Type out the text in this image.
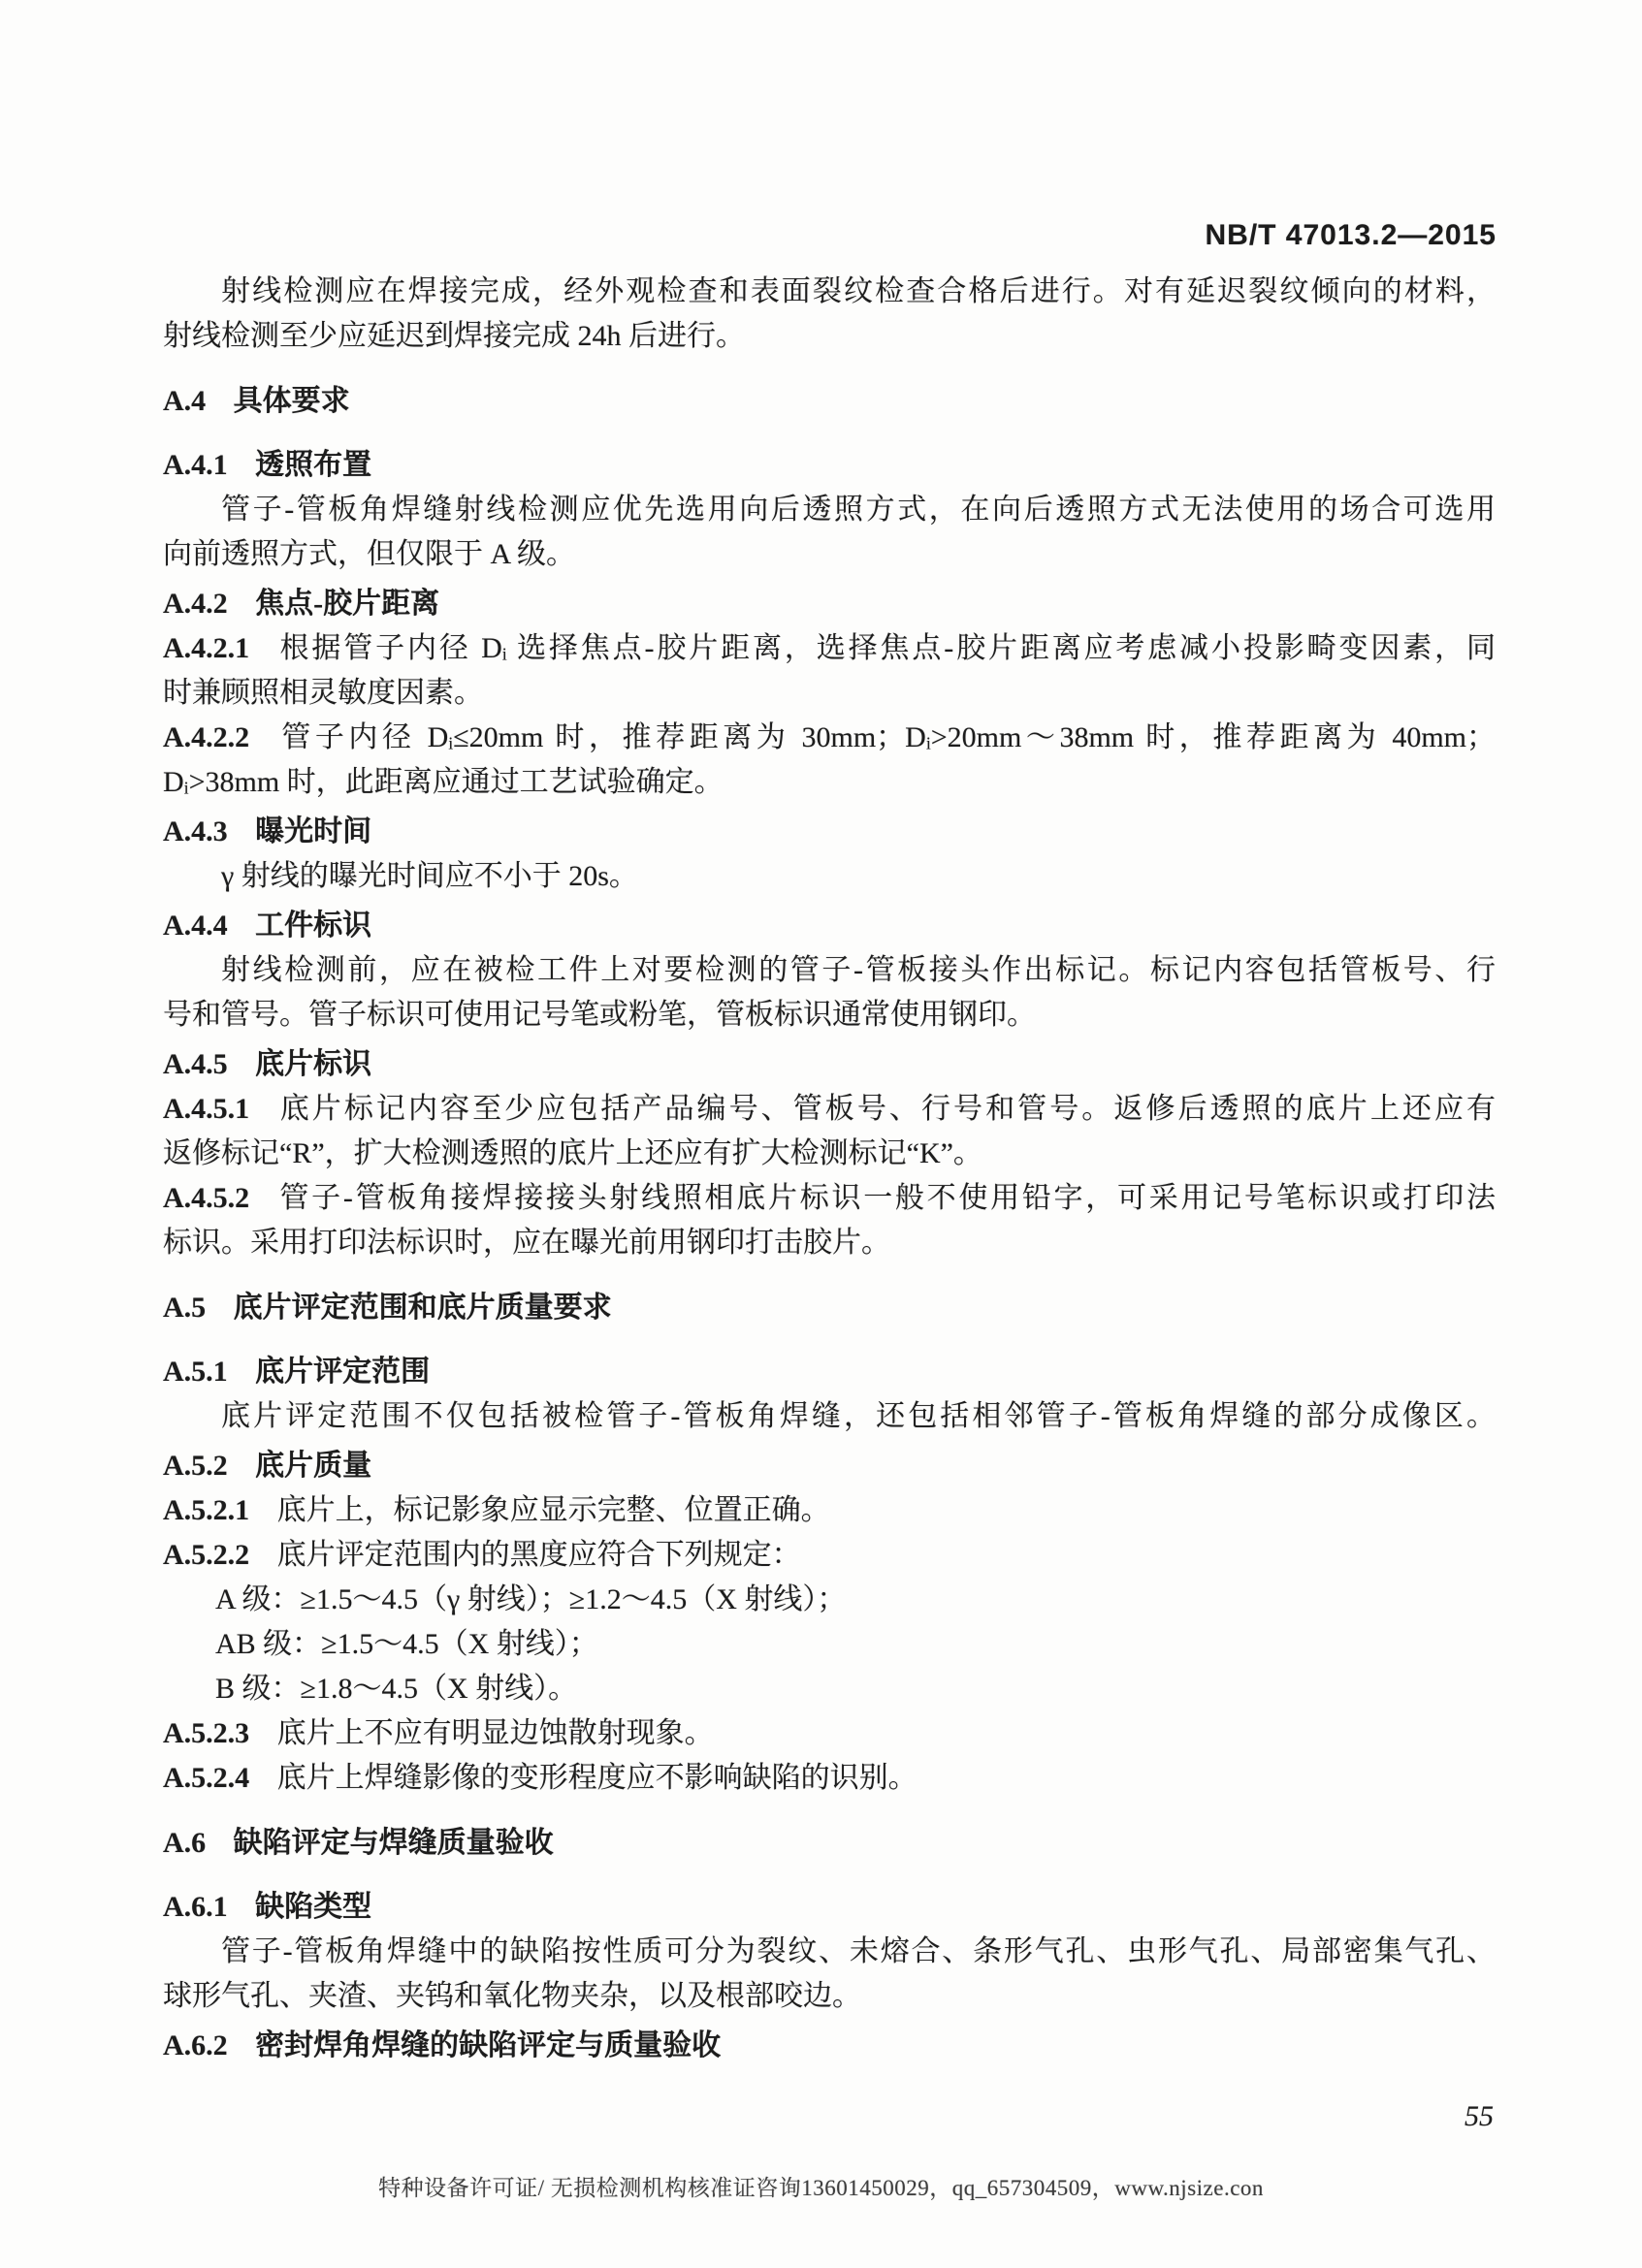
NB/T 47013.2—2015
射线检测应在焊接完成，经外观检查和表面裂纹检查合格后进行。对有延迟裂纹倾向的材料，
射线检测至少应延迟到焊接完成 24h 后进行。
A.4 具体要求
A.4.1 透照布置
管子-管板角焊缝射线检测应优先选用向后透照方式，在向后透照方式无法使用的场合可选用
向前透照方式，但仅限于 A 级。
A.4.2 焦点-胶片距离
A.4.2.1 根据管子内径 Dᵢ 选择焦点-胶片距离，选择焦点-胶片距离应考虑减小投影畸变因素，同
时兼顾照相灵敏度因素。
A.4.2.2 管子内径 Dᵢ≤20mm 时，推荐距离为 30mm；Dᵢ>20mm～38mm 时，推荐距离为 40mm；
Dᵢ>38mm 时，此距离应通过工艺试验确定。
A.4.3 曝光时间
γ 射线的曝光时间应不小于 20s。
A.4.4 工件标识
射线检测前，应在被检工件上对要检测的管子-管板接头作出标记。标记内容包括管板号、行
号和管号。管子标识可使用记号笔或粉笔，管板标识通常使用钢印。
A.4.5 底片标识
A.4.5.1 底片标记内容至少应包括产品编号、管板号、行号和管号。返修后透照的底片上还应有
返修标记“R”，扩大检测透照的底片上还应有扩大检测标记“K”。
A.4.5.2 管子-管板角接焊接接头射线照相底片标识一般不使用铅字，可采用记号笔标识或打印法
标识。采用打印法标识时，应在曝光前用钢印打击胶片。
A.5 底片评定范围和底片质量要求
A.5.1 底片评定范围
底片评定范围不仅包括被检管子-管板角焊缝，还包括相邻管子-管板角焊缝的部分成像区。
A.5.2 底片质量
A.5.2.1 底片上，标记影象应显示完整、位置正确。
A.5.2.2 底片评定范围内的黑度应符合下列规定：
A 级：≥1.5～4.5（γ 射线）；≥1.2～4.5（X 射线）；
AB 级：≥1.5～4.5（X 射线）；
B 级：≥1.8～4.5（X 射线）。
A.5.2.3 底片上不应有明显边蚀散射现象。
A.5.2.4 底片上焊缝影像的变形程度应不影响缺陷的识别。
A.6 缺陷评定与焊缝质量验收
A.6.1 缺陷类型
管子-管板角焊缝中的缺陷按性质可分为裂纹、未熔合、条形气孔、虫形气孔、局部密集气孔、
球形气孔、夹渣、夹钨和氧化物夹杂，以及根部咬边。
A.6.2 密封焊角焊缝的缺陷评定与质量验收
55
特种设备许可证/ 无损检测机构核准证咨询13601450029，qq_657304509，www.njsize.con
